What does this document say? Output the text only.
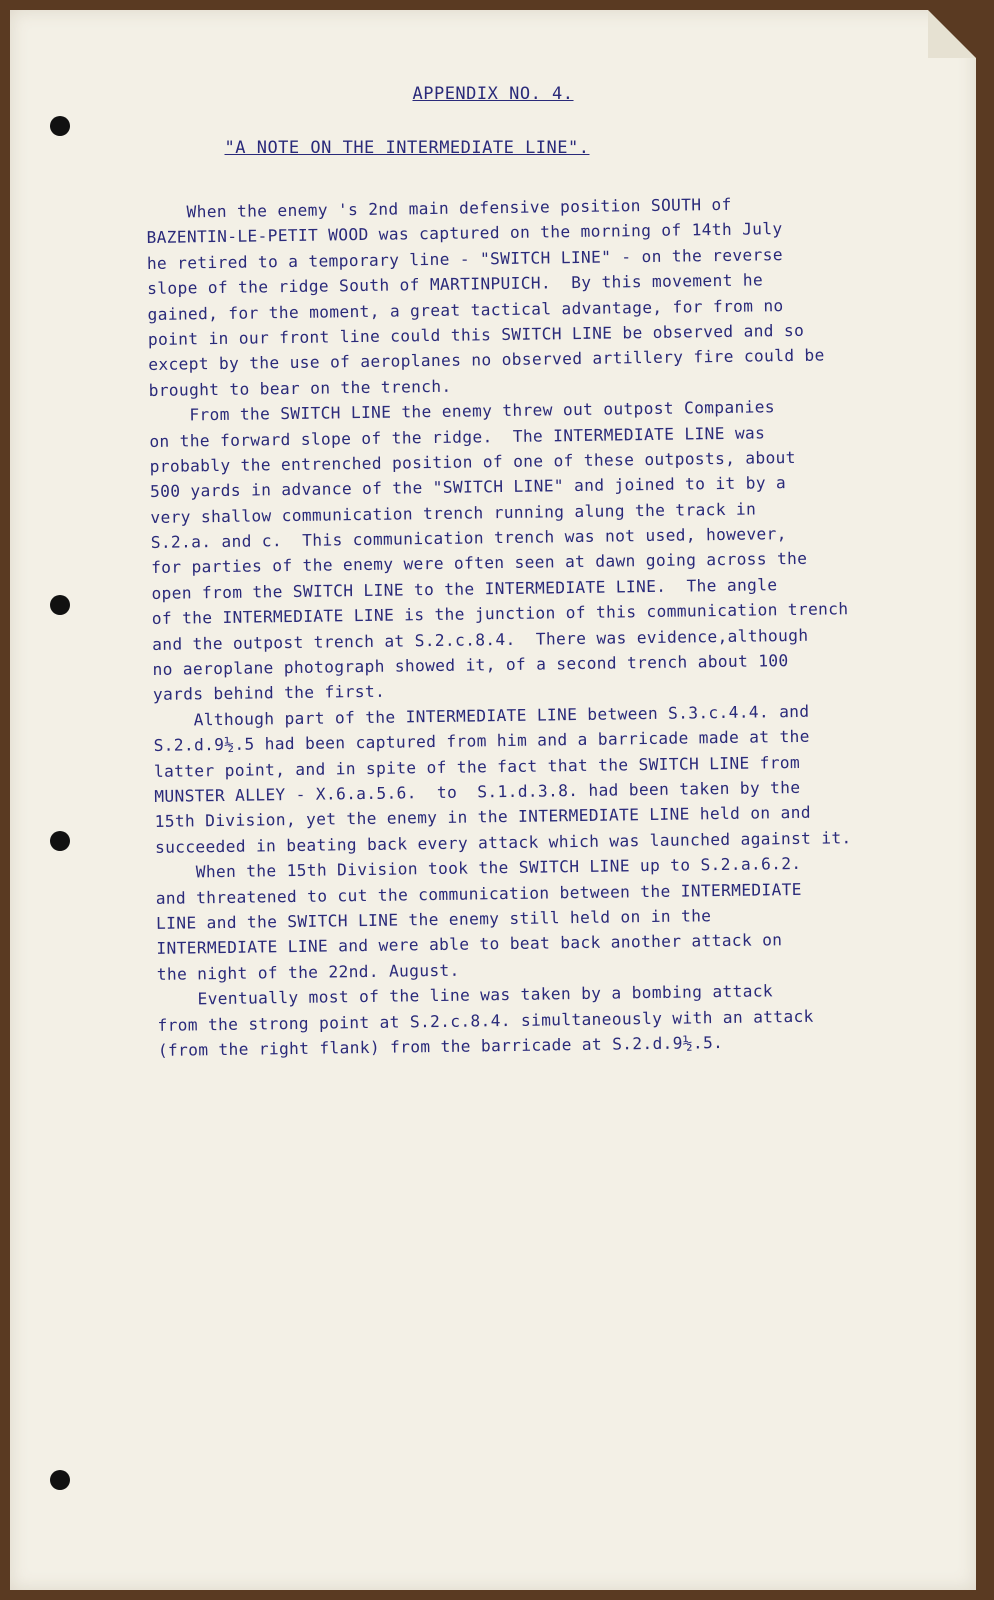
APPENDIX NO. 4.
"A NOTE ON THE INTERMEDIATE LINE".
When the enemy 's 2nd main defensive position SOUTH of
BAZENTIN-LE-PETIT WOOD was captured on the morning of 14th July
he retired to a temporary line - "SWITCH LINE" - on the reverse
slope of the ridge South of MARTINPUICH.  By this movement he
gained, for the moment, a great tactical advantage, for from no
point in our front line could this SWITCH LINE be observed and so
except by the use of aeroplanes no observed artillery fire could be
brought to bear on the trench.
From the SWITCH LINE the enemy threw out outpost Companies
on the forward slope of the ridge.  The INTERMEDIATE LINE was
probably the entrenched position of one of these outposts, about
500 yards in advance of the "SWITCH LINE" and joined to it by a
very shallow communication trench running alung the track in
S.2.a. and c.  This communication trench was not used, however,
for parties of the enemy were often seen at dawn going across the
open from the SWITCH LINE to the INTERMEDIATE LINE.  The angle
of the INTERMEDIATE LINE is the junction of this communication trench
and the outpost trench at S.2.c.8.4.  There was evidence,although
no aeroplane photograph showed it, of a second trench about 100
yards behind the first.
Although part of the INTERMEDIATE LINE between S.3.c.4.4. and
S.2.d.9½.5 had been captured from him and a barricade made at the
latter point, and in spite of the fact that the SWITCH LINE from
MUNSTER ALLEY - X.6.a.5.6.  to  S.1.d.3.8. had been taken by the
15th Division, yet the enemy in the INTERMEDIATE LINE held on and
succeeded in beating back every attack which was launched against it.
When the 15th Division took the SWITCH LINE up to S.2.a.6.2.
and threatened to cut the communication between the INTERMEDIATE
LINE and the SWITCH LINE the enemy still held on in the
INTERMEDIATE LINE and were able to beat back another attack on
the night of the 22nd. August.
Eventually most of the line was taken by a bombing attack
from the strong point at S.2.c.8.4. simultaneously with an attack
(from the right flank) from the barricade at S.2.d.9½.5.
